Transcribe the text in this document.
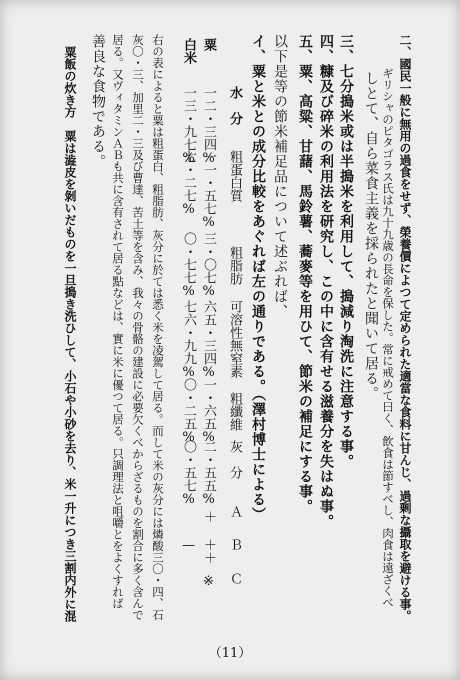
二、國民一般に無用の過食をせず、榮養價によつて定められた適當な食料に甘んじ、過剰な攝取を避ける事。
　ギリシャのピタゴラス氏は九十九歳の長命を保した。常に戒めて曰く、飲食は節すべし、肉食は遠ざくべ
　しとて、自ら菜食主義を採られたと聞いて居る。
三、七分搗米或は半搗米を利用して、搗減り淘洗に注意する事。
四、糠及び碎米の利用法を研究し、この中に含有せる滋養分を失はぬ事。
五、粟、高粱、甘藷、馬鈴薯、蕎麥等を用ひて、節米の補足にする事。
以下是等の節米補足品について述ぶれば、
イ、粟と米との成分比較をあぐれば左の通りである。（澤村博士による）
水　分
粗蛋白質
粗脂肪
可溶性無窒素
粗纖維
灰　分
Ａ
Ｂ
Ｃ
粟
一二・三四%
一一・五七%
三・〇七%
六五・三四%
一・六五%
二・五五%
＋
＋＋
※
白米
一三・九七%
七・二七%
〇・七七%
七六・九九%
〇・二五%
〇・五七%
—
右の表によると粟は粗蛋白、粗脂肪、灰分に於ては悉く米を凌駕して居る。而して米の灰分には燐酸三〇・四、石
灰〇・三、加里二・三及び曹達、苦土等を含み、我々の骨骼の建設に必要欠くべからざるものを割合に多く含んで
居る。又ヴィタミンＡＢも共に含有されて居る點などは、實に米に優つて居る。只調理法と咀嚼とをよくすれば
善良な食物である。
　粟飯の炊き方　粟は澁皮を剝いだものを一旦搗き洗ひして、小石や小砂を去り、米一升につき三割内外に混
（11）
